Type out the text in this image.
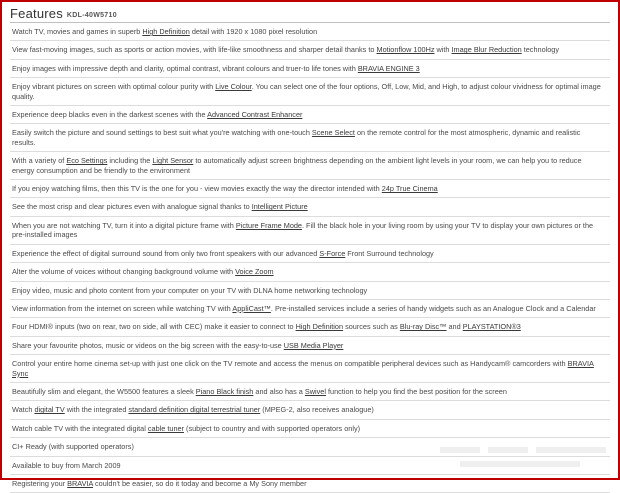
Features KDL-40W5710
Watch TV, movies and games in superb High Definition detail with 1920 x 1080 pixel resolution
View fast-moving images, such as sports or action movies, with life-like smoothness and sharper detail thanks to Motionflow 100Hz with Image Blur Reduction technology
Enjoy images with impressive depth and clarity, optimal contrast, vibrant colours and truer-to life tones with BRAVIA ENGINE 3
Enjoy vibrant pictures on screen with optimal colour purity with Live Colour. You can select one of the four options, Off, Low, Mid, and High, to adjust colour vividness for optimal image quality.
Experience deep blacks even in the darkest scenes with the Advanced Contrast Enhancer
Easily switch the picture and sound settings to best suit what you're watching with one-touch Scene Select on the remote control for the most atmospheric, dynamic and realistic results.
With a variety of Eco Settings including the Light Sensor to automatically adjust screen brightness depending on the ambient light levels in your room, we can help you to reduce energy consumption and be friendly to the environment
If you enjoy watching films, then this TV is the one for you - view movies exactly the way the director intended with 24p True Cinema
See the most crisp and clear pictures even with analogue signal thanks to Intelligent Picture
When you are not watching TV, turn it into a digital picture frame with Picture Frame Mode. Fill the black hole in your living room by using your TV to display your own pictures or the pre-installed images
Experience the effect of digital surround sound from only two front speakers with our advanced S-Force Front Surround technology
Alter the volume of voices without changing background volume with Voice Zoom
Enjoy video, music and photo content from your computer on your TV with DLNA home networking technology
View information from the internet on screen while watching TV with AppliCast™. Pre-installed services include a series of handy widgets such as an Analogue Clock and a Calendar
Four HDMI® inputs (two on rear, two on side, all with CEC) make it easier to connect to High Definition sources such as Blu-ray Disc™ and PLAYSTATION®3
Share your favourite photos, music or videos on the big screen with the easy-to-use USB Media Player
Control your entire home cinema set-up with just one click on the TV remote and access the menus on compatible peripheral devices such as Handycam® camcorders with BRAVIA Sync
Beautifully slim and elegant, the W5500 features a sleek Piano Black finish and also has a Swivel function to help you find the best position for the screen
Watch digital TV with the integrated standard definition digital terrestrial tuner (MPEG-2, also receives analogue)
Watch cable TV with the integrated digital cable tuner (subject to country and with supported operators only)
CI+ Ready (with supported operators)
Available to buy from March 2009
Registering your BRAVIA couldn't be easier, so do it today and become a My Sony member
